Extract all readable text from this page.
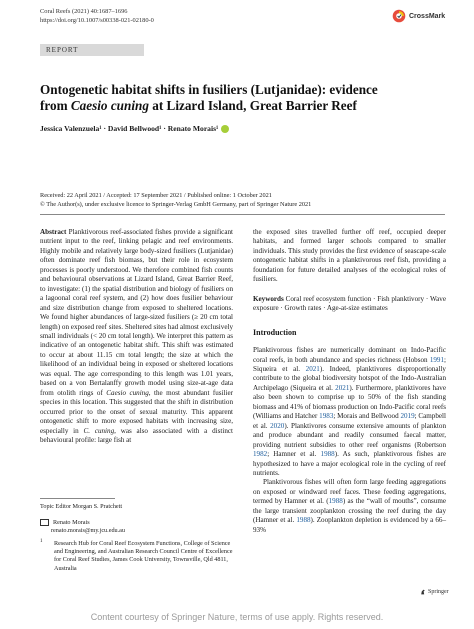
Coral Reefs (2021) 40:1687–1696
https://doi.org/10.1007/s00338-021-02180-0
CrossMark
REPORT
Ontogenetic habitat shifts in fusiliers (Lutjanidae): evidence
from Caesio cuning at Lizard Island, Great Barrier Reef
Jessica Valenzuela¹ · David Bellwood¹ · Renato Morais¹
Received: 22 April 2021 / Accepted: 17 September 2021 / Published online: 1 October 2021
© The Author(s), under exclusive licence to Springer-Verlag GmbH Germany, part of Springer Nature 2021

Abstract Planktivorous reef-associated fishes provide a significant nutrient input to the reef, linking pelagic and reef environments. Highly mobile and relatively large body-sized fusiliers (Lutjanidae) often dominate reef fish biomass, but their role in ecosystem processes is poorly understood. We therefore combined fish counts and behavioural observations at Lizard Island, Great Barrier Reef, to investigate: (1) the spatial distribution and biology of fusiliers on a lagoonal coral reef system, and (2) how does fusilier behaviour and size distribution change from exposed to sheltered locations. We found higher abundances of large-sized fusiliers (≥ 20 cm total length) on exposed reef sites. Sheltered sites had almost exclusively small individuals (< 20 cm total length). We interpret this pattern as indicative of an ontogenetic habitat shift. This shift was estimated to occur at about 11.15 cm total length; the size at which the likelihood of an individual being in exposed or sheltered locations was equal. The age corresponding to this length was 1.01 years, based on a von Bertalanffy growth model using size-at-age data from otolith rings of Caesio cuning, the most abundant fusilier species in this location. This suggested that the shift in distribution occurred prior to the onset of sexual maturity. This apparent ontogenetic shift to more exposed habitats with increasing size, especially in C. cuning, was also associated with a distinct behavioural profile: large fish at

the exposed sites travelled further off reef, occupied deeper habitats, and formed larger schools compared to smaller individuals. This study provides the first evidence of seascape-scale ontogenetic habitat shifts in a planktivorous reef fish, providing a foundation for future detailed analyses of the ecological roles of fusiliers.

Keywords Coral reef ecosystem function · Fish planktivory · Wave exposure · Growth rates · Age-at-size estimates

Introduction

Planktivorous fishes are numerically dominant on Indo-Pacific coral reefs, in both abundance and species richness (Hobson 1991; Siqueira et al. 2021). Indeed, planktivores disproportionally contribute to the global biodiversity hotspot of the Indo-Australian Archipelago (Siqueira et al. 2021). Furthermore, planktivores have also been shown to comprise up to 50% of the fish standing biomass and 41% of biomass production on Indo-Pacific coral reefs (Williams and Hatcher 1983; Morais and Bellwood 2019; Campbell et al. 2020). Planktivores consume extensive amounts of plankton and produce abundant and readily consumed faecal matter, providing nutrient subsidies to other reef organisms (Robertson 1982; Hamner et al. 1988). As such, planktivorous fishes are hypothesized to have a major ecological role in the cycling of reef nutrients.

Planktivorous fishes will often form large feeding aggregations on exposed or windward reef faces. These feeding aggregations, termed by Hamner et al. (1988) as the “wall of mouths”, consume the large transient zooplankton crossing the reef during the day (Hamner et al. 1988). Zooplankton depletion is evidenced by a 66–93%

Topic Editor Morgan S. Pratchett
Renato Morais
renato.morais@my.jcu.edu.au
1	Research Hub for Coral Reef Ecosystem Functions, College of Science and Engineering, and Australian Research Council Centre of Excellence for Coral Reef Studies, James Cook University, Townsville, Qld 4811, Australia
Springer
Content courtesy of Springer Nature, terms of use apply. Rights reserved.
